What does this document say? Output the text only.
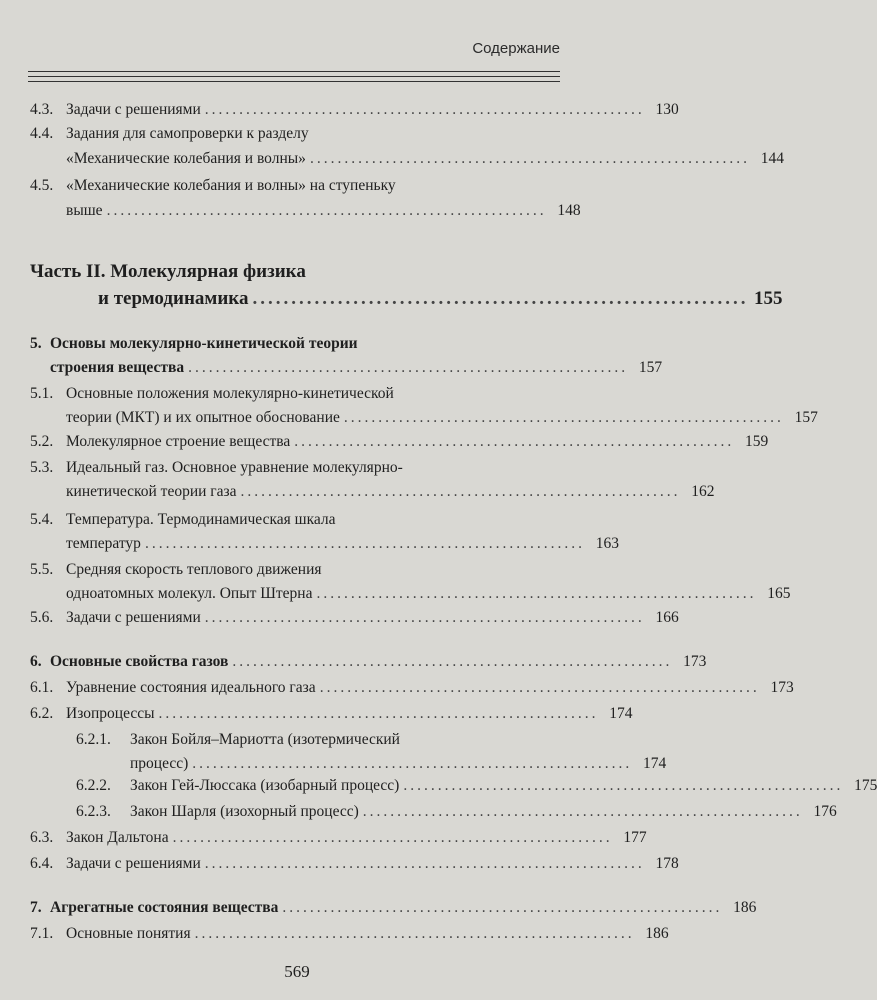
Содержание
4.3. Задачи с решениями ................................................................ 130
4.4. Задания для самопроверки к разделу
«Механические колебания и волны» ................................................................ 144
4.5. «Механические колебания и волны» на ступеньку
выше ................................................................ 148
Часть II. Молекулярная физика
и термодинамика ................................................................ 155
5. Основы молекулярно-кинетической теории
строения вещества ................................................................ 157
5.1. Основные положения молекулярно-кинетической
теории (МКТ) и их опытное обоснование ................................................................ 157
5.2. Молекулярное строение вещества ................................................................ 159
5.3. Идеальный газ. Основное уравнение молекулярно-
кинетической теории газа ................................................................ 162
5.4. Температура. Термодинамическая шкала
температур ................................................................ 163
5.5. Средняя скорость теплового движения
одноатомных молекул. Опыт Штерна ................................................................ 165
5.6. Задачи с решениями ................................................................ 166
6. Основные свойства газов ................................................................ 173
6.1. Уравнение состояния идеального газа ................................................................ 173
6.2. Изопроцессы ................................................................ 174
6.2.1. Закон Бойля–Мариотта (изотермический
процесс) ................................................................ 174
6.2.2. Закон Гей-Люссака (изобарный процесс) ................................................................ 175
6.2.3. Закон Шарля (изохорный процесс) ................................................................ 176
6.3. Закон Дальтона ................................................................ 177
6.4. Задачи с решениями ................................................................ 178
7. Агрегатные состояния вещества ................................................................ 186
7.1. Основные понятия ................................................................ 186
569
